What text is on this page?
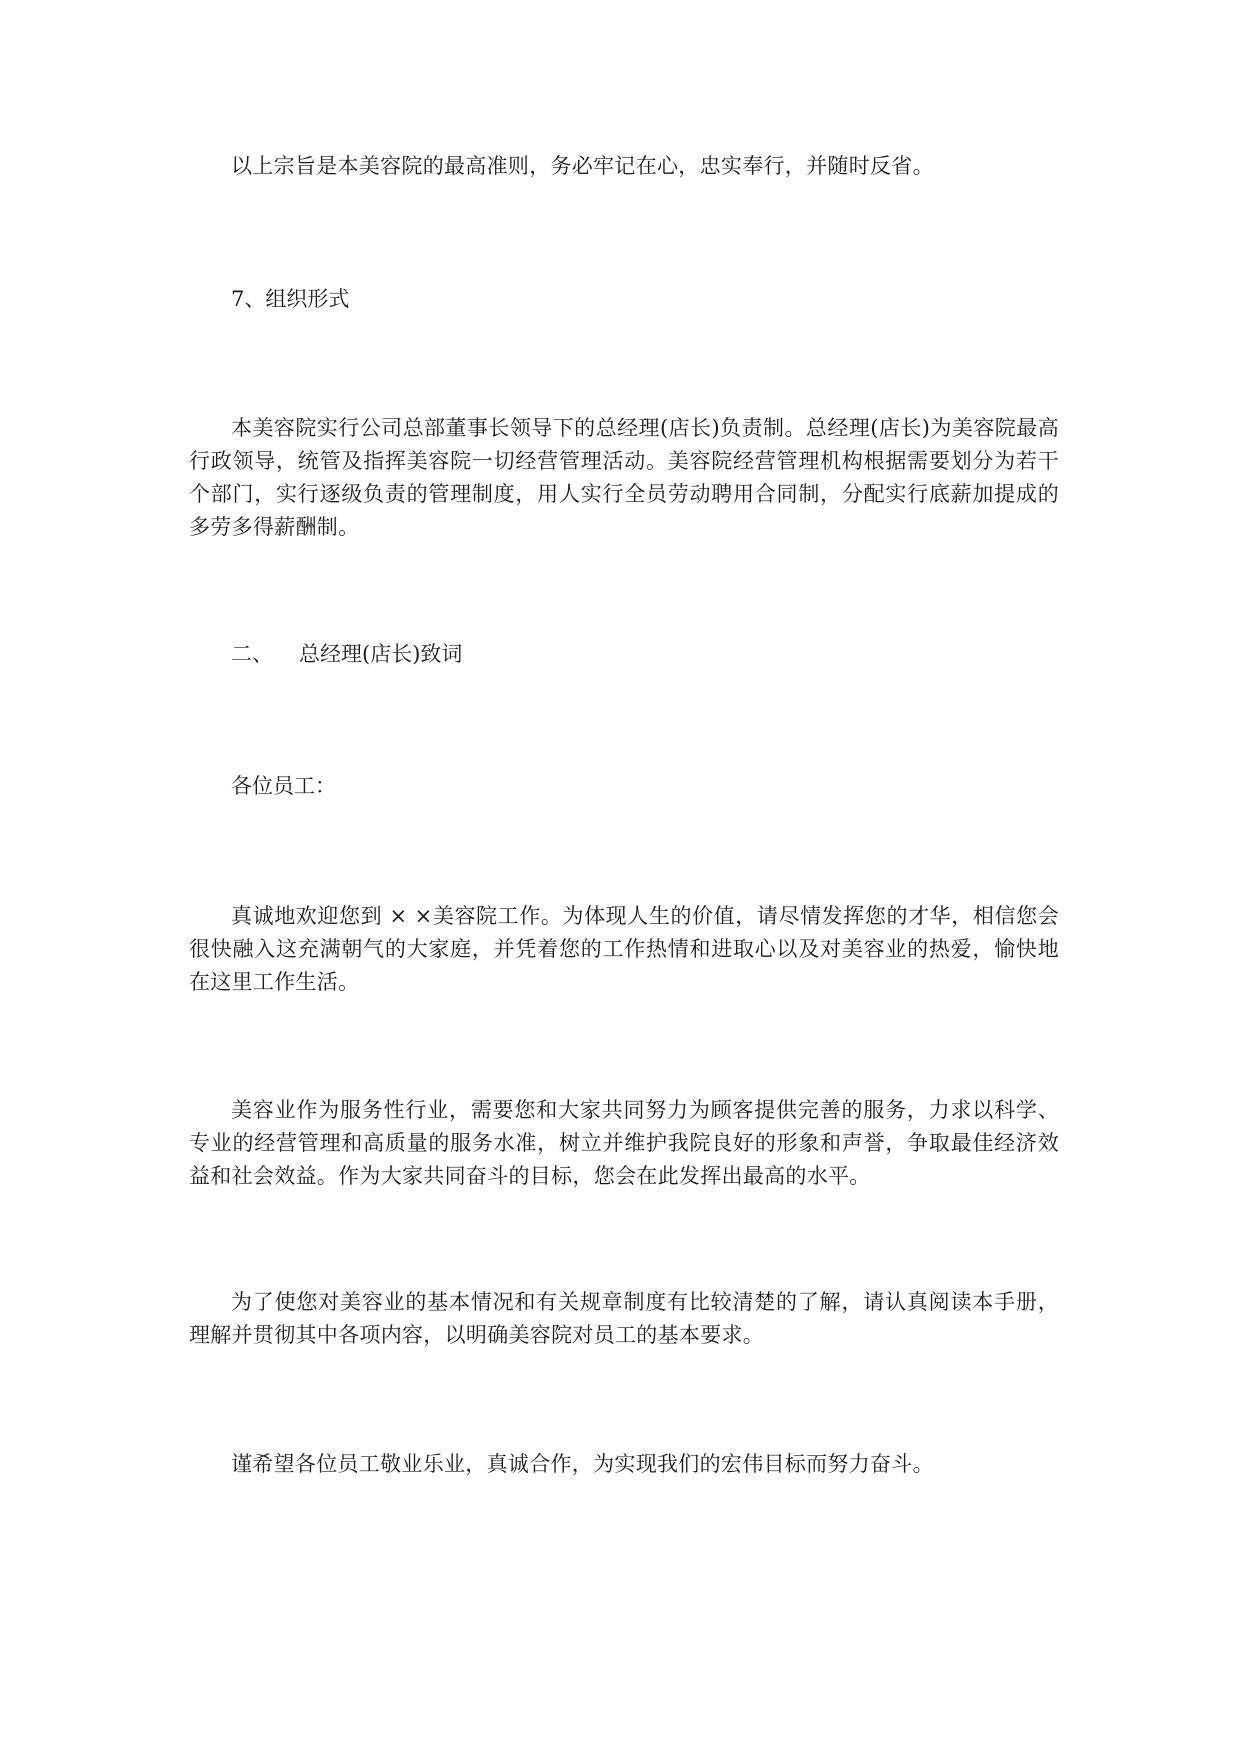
以上宗旨是本美容院的最高准则，务必牢记在心，忠实奉行，并随时反省。

7、组织形式

本美容院实行公司总部董事长领导下的总经理(店长)负责制。总经理(店长)为美容院最高行政领导，统管及指挥美容院一切经营管理活动。美容院经营管理机构根据需要划分为若干个部门，实行逐级负责的管理制度，用人实行全员劳动聘用合同制，分配实行底薪加提成的多劳多得薪酬制。

二、 总经理(店长)致词

各位员工：

真诚地欢迎您到 × ×美容院工作。为体现人生的价值，请尽情发挥您的才华，相信您会很快融入这充满朝气的大家庭，并凭着您的工作热情和进取心以及对美容业的热爱，愉快地在这里工作生活。

美容业作为服务性行业，需要您和大家共同努力为顾客提供完善的服务，力求以科学、专业的经营管理和高质量的服务水准，树立并维护我院良好的形象和声誉，争取最佳经济效益和社会效益。作为大家共同奋斗的目标，您会在此发挥出最高的水平。

为了使您对美容业的基本情况和有关规章制度有比较清楚的了解，请认真阅读本手册，理解并贯彻其中各项内容，以明确美容院对员工的基本要求。

谨希望各位员工敬业乐业，真诚合作，为实现我们的宏伟目标而努力奋斗。
